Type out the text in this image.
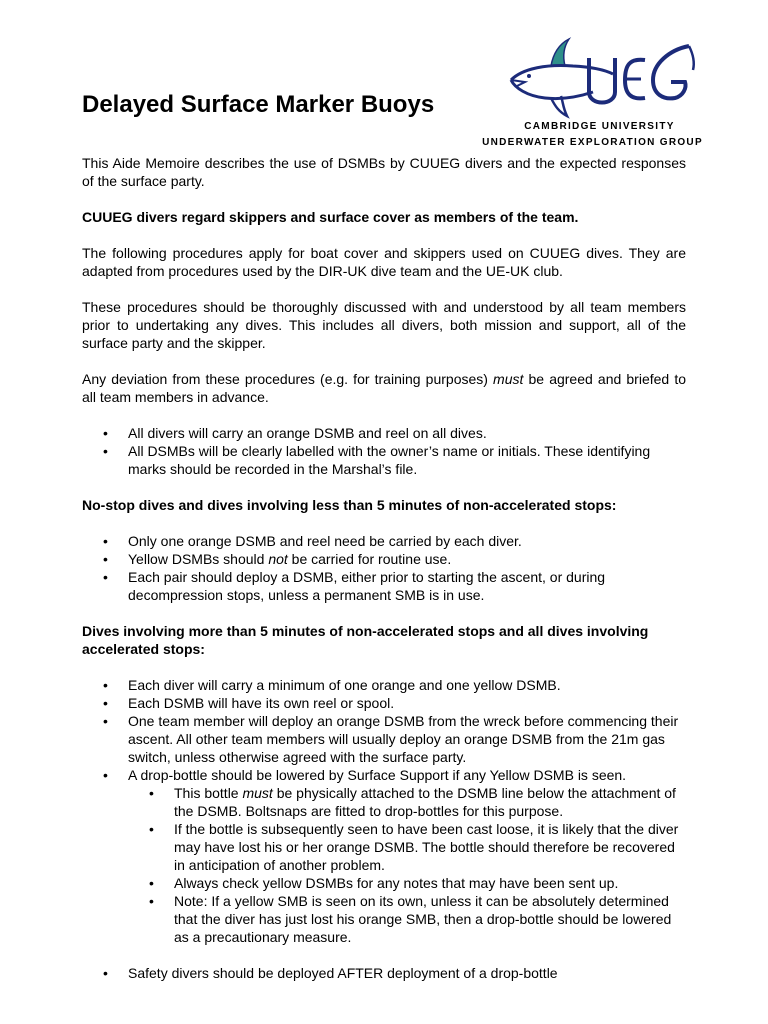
Delayed Surface Marker Buoys
CAMBRIDGE UNIVERSITY
UNDERWATER EXPLORATION GROUP

This Aide Memoire describes the use of DSMBs by CUUEG divers and the expected responses of the surface party.

CUUEG divers regard skippers and surface cover as members of the team.

The following procedures apply for boat cover and skippers used on CUUEG dives. They are adapted from procedures used by the DIR-UK dive team and the UE-UK club.

These procedures should be thoroughly discussed with and understood by all team members prior to undertaking any dives. This includes all divers, both mission and support, all of the surface party and the skipper.

Any deviation from these procedures (e.g. for training purposes) must be agreed and briefed to all team members in advance.

• All divers will carry an orange DSMB and reel on all dives.
• All DSMBs will be clearly labelled with the owner’s name or initials. These identifying marks should be recorded in the Marshal’s file.

No-stop dives and dives involving less than 5 minutes of non-accelerated stops:

• Only one orange DSMB and reel need be carried by each diver.
• Yellow DSMBs should not be carried for routine use.
• Each pair should deploy a DSMB, either prior to starting the ascent, or during decompression stops, unless a permanent SMB is in use.

Dives involving more than 5 minutes of non-accelerated stops and all dives involving accelerated stops:

• Each diver will carry a minimum of one orange and one yellow DSMB.
• Each DSMB will have its own reel or spool.
• One team member will deploy an orange DSMB from the wreck before commencing their ascent. All other team members will usually deploy an orange DSMB from the 21m gas switch, unless otherwise agreed with the surface party.
• A drop-bottle should be lowered by Surface Support if any Yellow DSMB is seen.
• This bottle must be physically attached to the DSMB line below the attachment of the DSMB. Boltsnaps are fitted to drop-bottles for this purpose.
• If the bottle is subsequently seen to have been cast loose, it is likely that the diver may have lost his or her orange DSMB. The bottle should therefore be recovered in anticipation of another problem.
• Always check yellow DSMBs for any notes that may have been sent up.
• Note: If a yellow SMB is seen on its own, unless it can be absolutely determined that the diver has just lost his orange SMB, then a drop-bottle should be lowered as a precautionary measure.
• Safety divers should be deployed AFTER deployment of a drop-bottle
